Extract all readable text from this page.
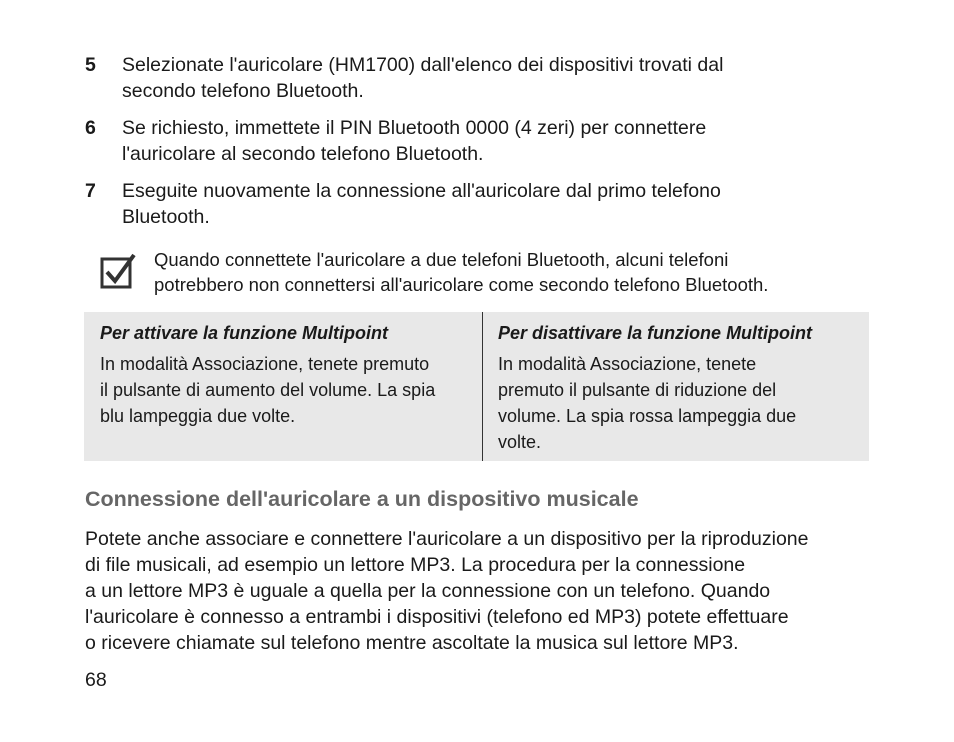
5 Selezionate l'auricolare (HM1700) dall'elenco dei dispositivi trovati dal
secondo telefono Bluetooth.
6 Se richiesto, immettete il PIN Bluetooth 0000 (4 zeri) per connettere
l'auricolare al secondo telefono Bluetooth.
7 Eseguite nuovamente la connessione all'auricolare dal primo telefono
Bluetooth.
Quando connettete l'auricolare a due telefoni Bluetooth, alcuni telefoni
potrebbero non connettersi all'auricolare come secondo telefono Bluetooth.
Per attivare la funzione Multipoint

In modalità Associazione, tenete premuto
il pulsante di aumento del volume. La spia
blu lampeggia due volte.

Per disattivare la funzione Multipoint

In modalità Associazione, tenete
premuto il pulsante di riduzione del
volume. La spia rossa lampeggia due
volte.

Connessione dell'auricolare a un dispositivo musicale

Potete anche associare e connettere l'auricolare a un dispositivo per la riproduzione
di file musicali, ad esempio un lettore MP3. La procedura per la connessione
a un lettore MP3 è uguale a quella per la connessione con un telefono. Quando
l'auricolare è connesso a entrambi i dispositivi (telefono ed MP3) potete effettuare
o ricevere chiamate sul telefono mentre ascoltate la musica sul lettore MP3.

68
